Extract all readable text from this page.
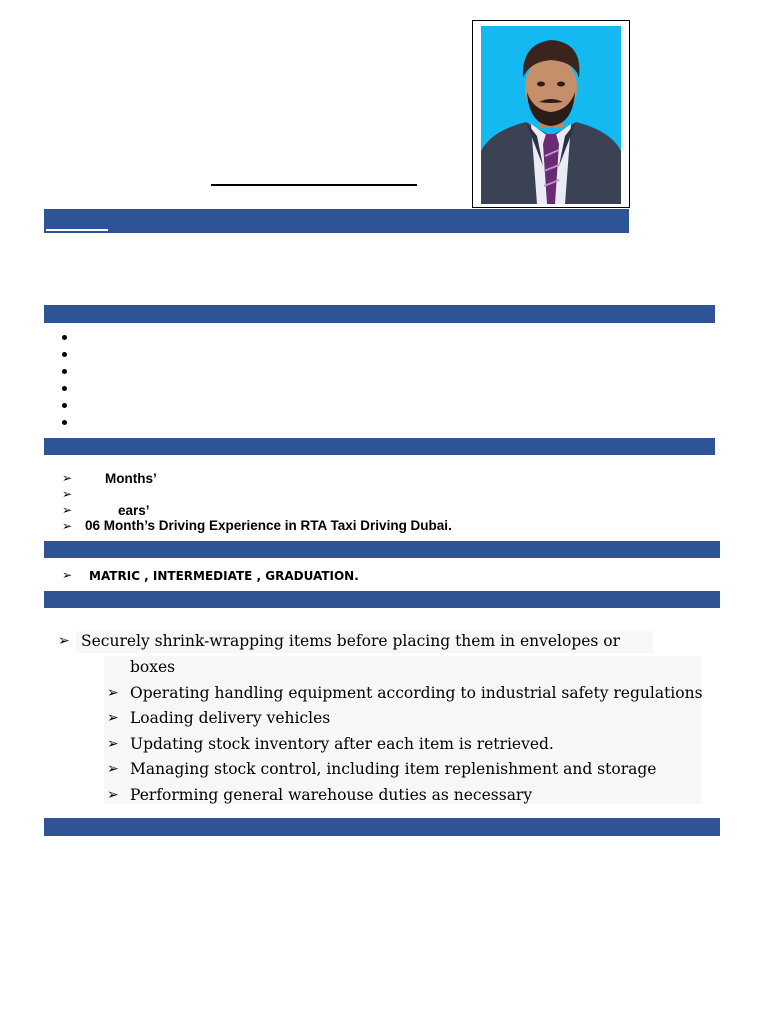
➢ Months’
➢
➢	ears’
➢ 06 Month’s Driving Experience in RTA Taxi Driving Dubai.
➢ MATRIC , INTERMEDIATE , GRADUATION.
➢ Securely shrink-wrapping items before placing them in envelopes or
boxes
➢ Operating handling equipment according to industrial safety regulations
➢ Loading delivery vehicles
➢ Updating stock inventory after each item is retrieved.
➢ Managing stock control, including item replenishment and storage
➢ Performing general warehouse duties as necessary
